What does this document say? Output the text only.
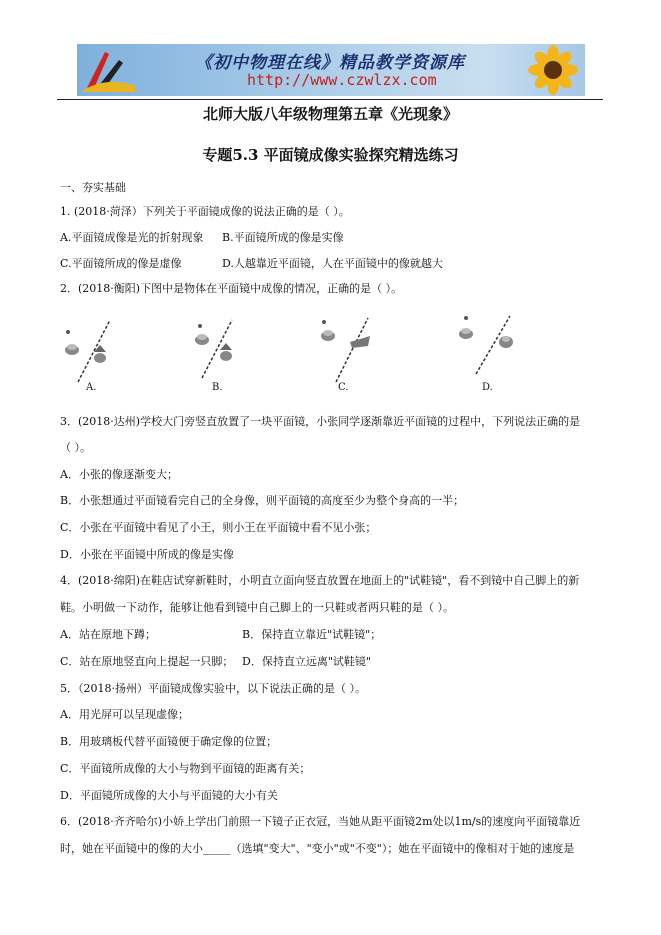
《初中物理在线》精品教学资源库
http://www.czwlzx.com
北师大版八年级物理第五章《光现象》
专题5.3 平面镜成像实验探究精选练习
一、夯实基础
1. (2018·菏泽）下列关于平面镜成像的说法正确的是（ ）。
A.平面镜成像是光的折射现象 B.平面镜所成的像是实像
C.平面镜所成的像是虚像	D.人越靠近平面镜，人在平面镜中的像就越大
2．(2018·衡阳)下图中是物体在平面镜中成像的情况，正确的是（ ）。
A.	B.	C.	D.
3．(2018·达州)学校大门旁竖直放置了一块平面镜，小张同学逐渐靠近平面镜的过程中，下列说法正确的是
（ ）。
A．小张的像逐渐变大；
B．小张想通过平面镜看完自己的全身像，则平面镜的高度至少为整个身高的一半；
C．小张在平面镜中看见了小王，则小王在平面镜中看不见小张；
D．小张在平面镜中所成的像是实像
4．(2018·绵阳)在鞋店试穿新鞋时，小明直立面向竖直放置在地面上的"试鞋镜"，看不到镜中自己脚上的新
鞋。小明做一下动作，能够让他看到镜中自己脚上的一只鞋或者两只鞋的是（ ）。
A．站在原地下蹲；	B．保持直立靠近"试鞋镜"；
C．站在原地竖直向上提起一只脚； D．保持直立远离"试鞋镜"
5．（2018·扬州）平面镜成像实验中，以下说法正确的是（ ）。
A．用光屏可以呈现虚像；
B．用玻璃板代替平面镜便于确定像的位置；
C．平面镜所成像的大小与物到平面镜的距离有关；
D．平面镜所成像的大小与平面镜的大小有关
6．(2018·齐齐哈尔)小娇上学出门前照一下镜子正衣冠，当她从距平面镜2m处以1m/s的速度向平面镜靠近
时，她在平面镜中的像的大小_____（选填"变大"、"变小"或"不变"）；她在平面镜中的像相对于她的速度是
